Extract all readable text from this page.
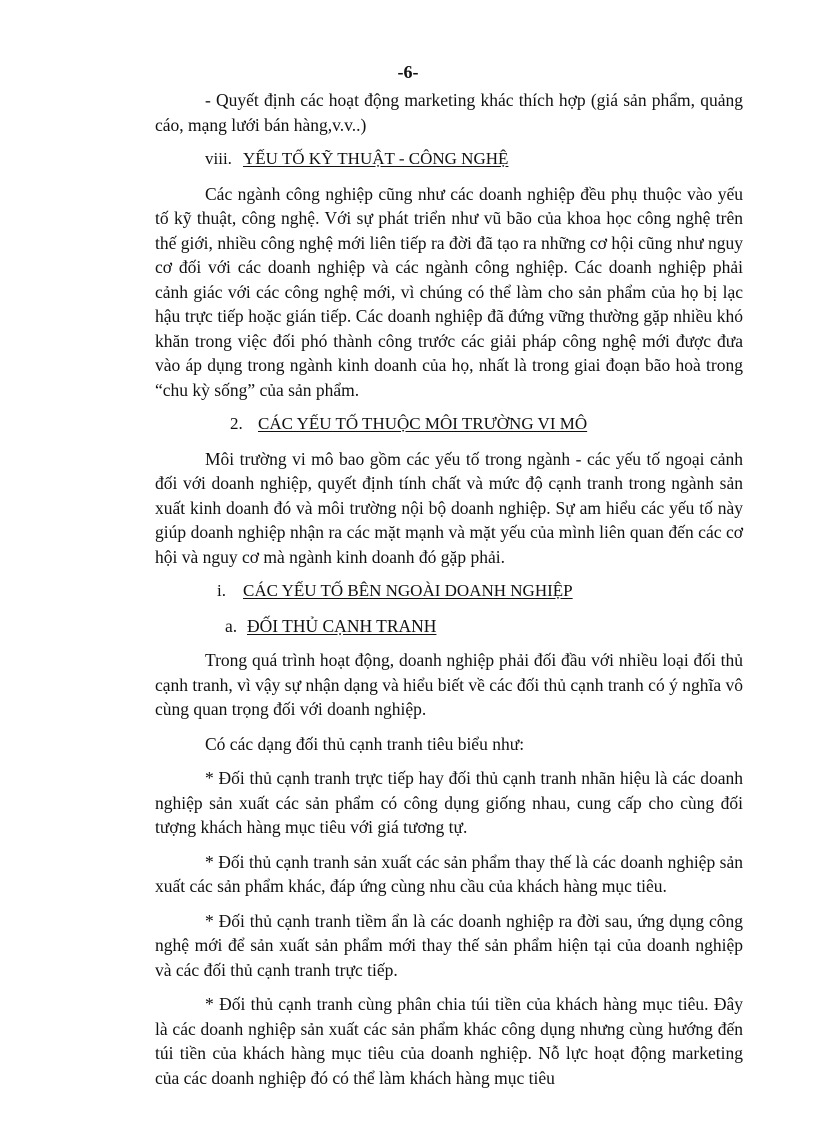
-6-

- Quyết định các hoạt động marketing khác thích hợp (giá sản phẩm, quảng cáo, mạng lưới bán hàng,v.v..)

viii. YẾU TỐ KỸ THUẬT - CÔNG NGHỆ

Các ngành công nghiệp cũng như các doanh nghiệp đều phụ thuộc vào yếu tố kỹ thuật, công nghệ. Với sự phát triển như vũ bão của khoa học công nghệ trên thế giới, nhiều công nghệ mới liên tiếp ra đời đã tạo ra những cơ hội cũng như nguy cơ đối với các doanh nghiệp và các ngành công nghiệp. Các doanh nghiệp phải cảnh giác với các công nghệ mới, vì chúng có thể làm cho sản phẩm của họ bị lạc hậu trực tiếp hoặc gián tiếp. Các doanh nghiệp đã đứng vững thường gặp nhiều khó khăn trong việc đối phó thành công trước các giải pháp công nghệ mới được đưa vào áp dụng trong ngành kinh doanh của họ, nhất là trong giai đoạn bão hoà trong “chu kỳ sống” của sản phẩm.

2. CÁC YẾU TỐ THUỘC MÔI TRƯỜNG VI MÔ

Môi trường vi mô bao gồm các yếu tố trong ngành - các yếu tố ngoại cảnh đối với doanh nghiệp, quyết định tính chất và mức độ cạnh tranh trong ngành sản xuất kinh doanh đó và môi trường nội bộ doanh nghiệp. Sự am hiểu các yếu tố này giúp doanh nghiệp nhận ra các mặt mạnh và mặt yếu của mình liên quan đến các cơ hội và nguy cơ mà ngành kinh doanh đó gặp phải.

i. CÁC YẾU TỐ BÊN NGOÀI DOANH NGHIỆP
a. ĐỐI THỦ CẠNH TRANH

Trong quá trình hoạt động, doanh nghiệp phải đối đầu với nhiều loại đối thủ cạnh tranh, vì vậy sự nhận dạng và hiểu biết về các đối thủ cạnh tranh có ý nghĩa vô cùng quan trọng đối với doanh nghiệp.

Có các dạng đối thủ cạnh tranh tiêu biểu như:

* Đối thủ cạnh tranh trực tiếp hay đối thủ cạnh tranh nhãn hiệu là các doanh nghiệp sản xuất các sản phẩm có công dụng giống nhau, cung cấp cho cùng đối tượng khách hàng mục tiêu với giá tương tự.

* Đối thủ cạnh tranh sản xuất các sản phẩm thay thế là các doanh nghiệp sản xuất các sản phẩm khác, đáp ứng cùng nhu cầu của khách hàng mục tiêu.

* Đối thủ cạnh tranh tiềm ẩn là các doanh nghiệp ra đời sau, ứng dụng công nghệ mới để sản xuất sản phẩm mới thay thế sản phẩm hiện tại của doanh nghiệp và các đối thủ cạnh tranh trực tiếp.

* Đối thủ cạnh tranh cùng phân chia túi tiền của khách hàng mục tiêu. Đây là các doanh nghiệp sản xuất các sản phẩm khác công dụng nhưng cùng hướng đến túi tiền của khách hàng mục tiêu của doanh nghiệp. Nỗ lực hoạt động marketing của các doanh nghiệp đó có thể làm khách hàng mục tiêu
